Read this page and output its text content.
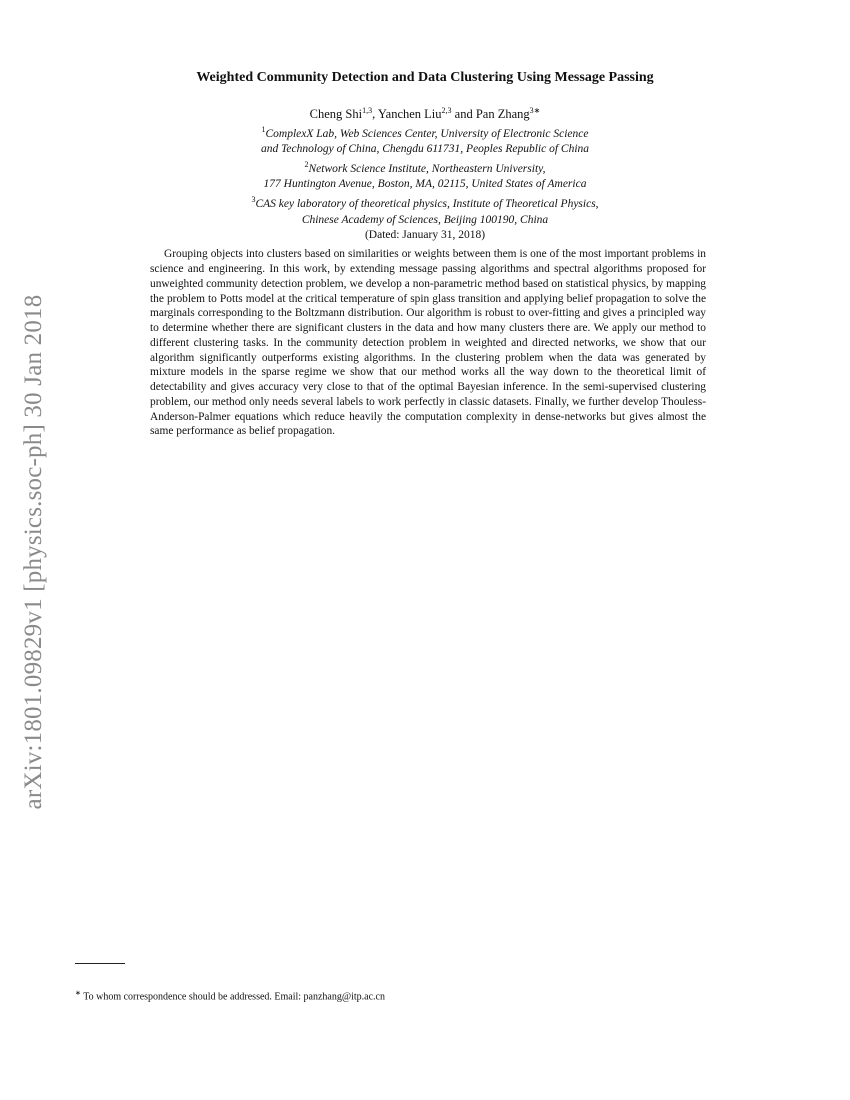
arXiv:1801.09829v1 [physics.soc-ph] 30 Jan 2018
Weighted Community Detection and Data Clustering Using Message Passing
Cheng Shi$^{1,3}$, Yanchen Liu$^{2,3}$ and Pan Zhang$^{3∗}$
$^1$ComplexX Lab, Web Sciences Center, University of Electronic Science
and Technology of China, Chengdu 611731, Peoples Republic of China
$^2$Network Science Institute, Northeastern University,
177 Huntington Avenue, Boston, MA, 02115, United States of America
$^3$CAS key laboratory of theoretical physics, Institute of Theoretical Physics,
Chinese Academy of Sciences, Beijing 100190, China
(Dated: January 31, 2018)

Grouping objects into clusters based on similarities or weights between them is one of the most important problems in science and engineering. In this work, by extending message passing algorithms and spectral algorithms proposed for unweighted community detection problem, we develop a non-parametric method based on statistical physics, by mapping the problem to Potts model at the critical temperature of spin glass transition and applying belief propagation to solve the marginals corresponding to the Boltzmann distribution. Our algorithm is robust to over-fitting and gives a principled way to determine whether there are significant clusters in the data and how many clusters there are. We apply our method to different clustering tasks. In the community detection problem in weighted and directed networks, we show that our algorithm significantly outperforms existing algorithms. In the clustering problem when the data was generated by mixture models in the sparse regime we show that our method works all the way down to the theoretical limit of detectability and gives accuracy very close to that of the optimal Bayesian inference. In the semi-supervised clustering problem, our method only needs several labels to work perfectly in classic datasets. Finally, we further develop Thouless-Anderson-Palmer equations which reduce heavily the computation complexity in dense-networks but gives almost the same performance as belief propagation.

∗ To whom correspondence should be addressed. Email: panzhang@itp.ac.cn
